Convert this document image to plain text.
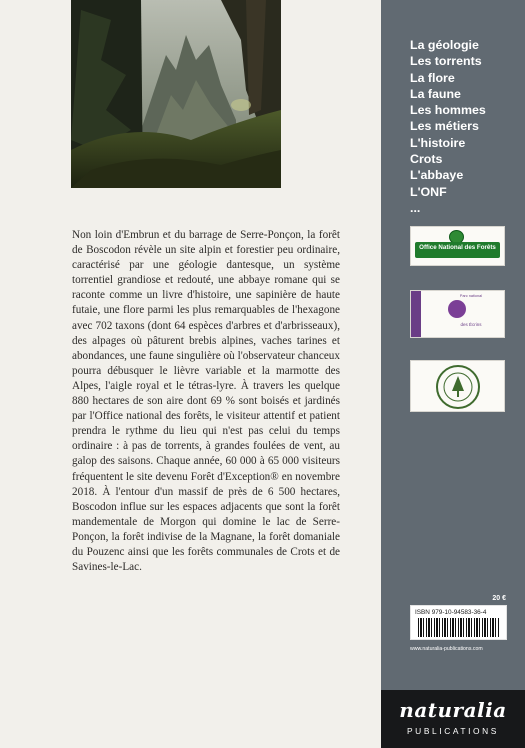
Non loin d'Embrun et du barrage de Serre-Ponçon, la forêt de Boscodon révèle un site alpin et forestier peu ordinaire, caractérisé par une géologie dantesque, un système torrentiel grandiose et redouté, une abbaye romane qui se raconte comme un livre d'histoire, une sapinière de haute futaie, une flore parmi les plus remarquables de l'hexagone avec 702 taxons (dont 64 espèces d'arbres et d'arbrisseaux), des alpages où pâturent brebis alpines, vaches tarines et abondances, une faune singulière où l'observateur chanceux pourra débusquer le lièvre variable et la marmotte des Alpes, l'aigle royal et le tétras-lyre. À travers les quelque 880 hectares de son aire dont 69 % sont boisés et jardinés par l'Office national des forêts, le visiteur attentif et patient prendra le rythme du lieu qui n'est pas celui du temps ordinaire : à pas de torrents, à grandes foulées de vent, au galop des saisons. Chaque année, 60 000 à 65 000 visiteurs fréquentent le site devenu Forêt d'Exception® en novembre 2018. À l'entour d'un massif de près de 6 500 hectares, Boscodon influe sur les espaces adjacents que sont la forêt mandementale de Morgon qui domine le lac de Serre-Ponçon, la forêt indivise de la Magnane, la forêt domaniale du Pouzenc ainsi que les forêts communales de Crots et de Savines-le-Lac.

La géologie
Les torrents
La flore
La faune
Les hommes
Les métiers
L'histoire
Crots
L'abbaye
L'ONF
...
Office National des Forêts
Parc national
des Écrins
20 €
ISBN 979-10-94583-36-4
www.naturalia-publications.com
naturalia
PUBLICATIONS
